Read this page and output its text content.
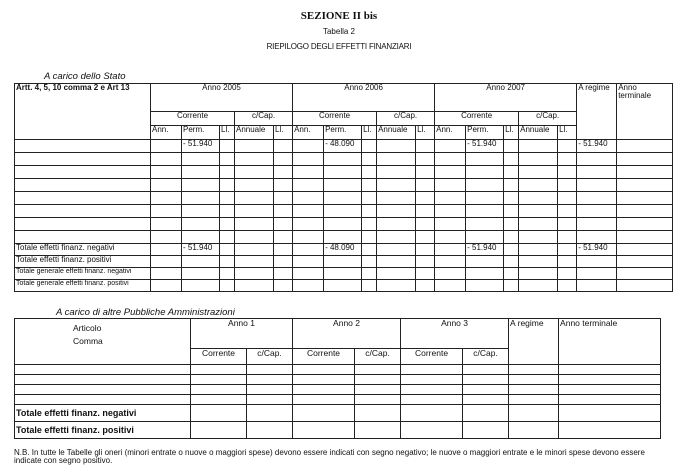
SEZIONE II bis
Tabella 2
RIEPILOGO DEGLI EFFETTI FINANZIARI
A carico dello Stato
Artt. 4, 5, 10 comma 2 e Art 13	Anno 2005					Anno 2006					Anno 2007					A regime	Anno terminale
	Corrente			c/Cap.		Corrente			c/Cap.		Corrente			c/Cap.			
	Ann.	Perm.	Ll.	Annuale	Ll.	Ann.	Perm.	Ll.	Annuale	Ll.	Ann.	Perm.	Ll.	Annuale	Ll.		
		- 51.940					- 48.090					- 51.940				- 51.940	

Totale effetti finanz. negativi		- 51.940					- 48.090					- 51.940				- 51.940	
Totale effetti finanz. positivi																	
Totale generale effetti finanz. negativi																	
Totale generale effetti finanz. positivi																	
A carico di altre Pubbliche Amministrazioni
Articolo
Comma	Anno 1		Anno 2		Anno 3		A regime	Anno terminale

	Corrente	c/Cap.	Corrente	c/Cap.	Corrente	c/Cap.		

Totale effetti finanz. negativi								
Totale effetti finanz. positivi								
N.B. In tutte le Tabelle gli oneri (minori entrate o nuove o maggiori spese) devono essere indicati con segno negativo; le nuove o maggiori entrate e le minori spese devono essere indicate con segno positivo.
